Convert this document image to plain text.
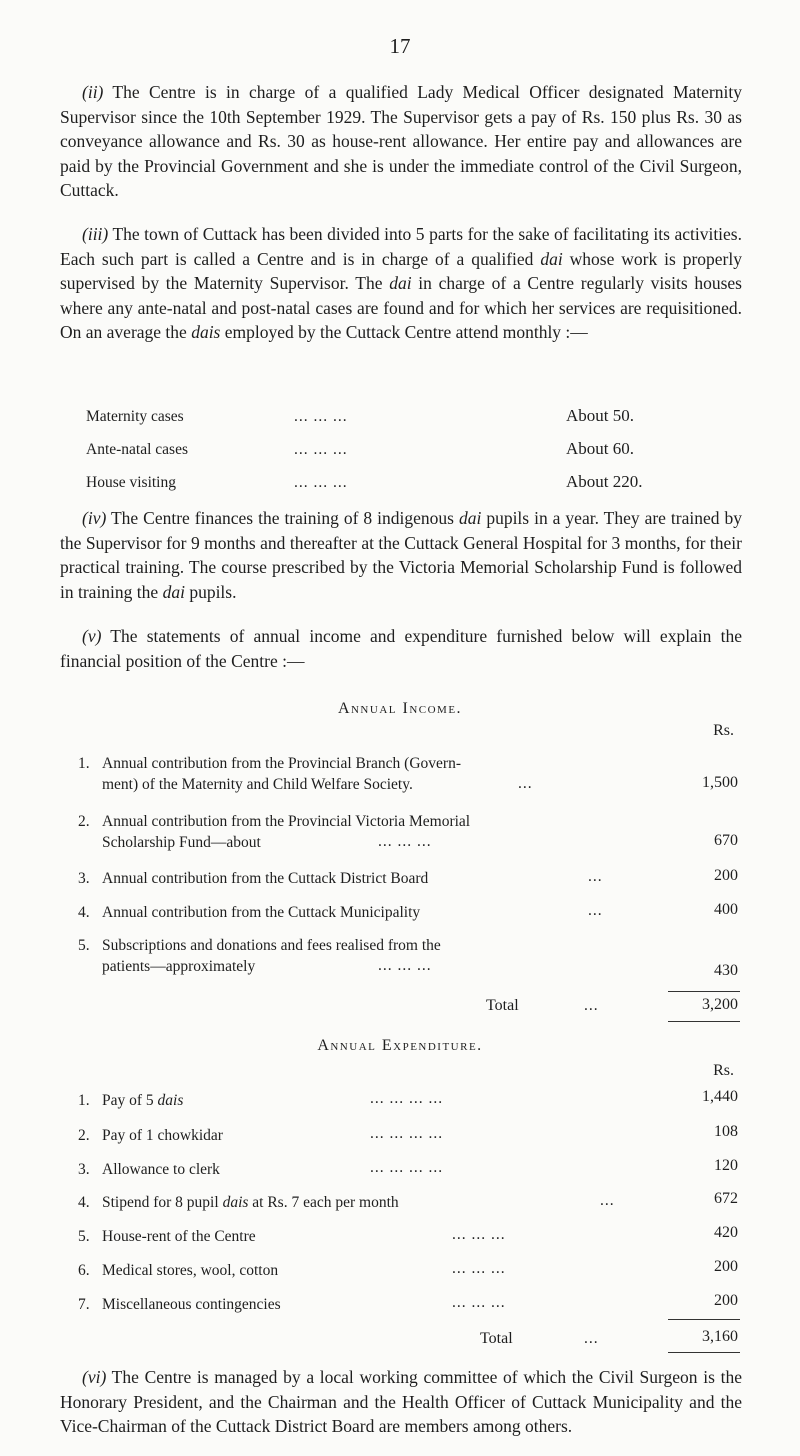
17

(ii) The Centre is in charge of a qualified Lady Medical Officer designated Maternity Supervisor since the 10th September 1929. The Supervisor gets a pay of Rs. 150 plus Rs. 30 as conveyance allowance and Rs. 30 as house-rent allowance. Her entire pay and allowances are paid by the Provincial Government and she is under the immediate control of the Civil Surgeon, Cuttack.

(iii) The town of Cuttack has been divided into 5 parts for the sake of facilitating its activities. Each such part is called a Centre and is in charge of a qualified dai whose work is properly supervised by the Maternity Supervisor. The dai in charge of a Centre regularly visits houses where any ante-natal and post-natal cases are found and for which her services are requisitioned. On an average the dais employed by the Cuttack Centre attend monthly :—

Maternity cases	... ... ...	About 50.
Ante-natal cases	... ... ...	About 60.
House visiting	... ... ...	About 220.

(iv) The Centre finances the training of 8 indigenous dai pupils in a year. They are trained by the Supervisor for 9 months and thereafter at the Cuttack General Hospital for 3 months, for their practical training. The course prescribed by the Victoria Memorial Scholarship Fund is followed in training the dai pupils.

(v) The statements of annual income and expenditure furnished below will explain the financial position of the Centre :—

Annual Income.
Rs.
1. Annual contribution from the Provincial Branch (Govern-
ment) of the Maternity and Child Welfare Society.	...	1,500
2. Annual contribution from the Provincial Victoria Memorial
Scholarship Fund—about	... ... ...	670
3. Annual contribution from the Cuttack District Board	...	200
4. Annual contribution from the Cuttack Municipality	...	400
5. Subscriptions and donations and fees realised from the
patients—approximately	... ... ...	430
Total	...	3,200
Annual Expenditure.
Rs.
1. Pay of 5 dais	... ... ... ...	1,440
2. Pay of 1 chowkidar	... ... ... ...	108
3. Allowance to clerk	... ... ... ...	120
4. Stipend for 8 pupil dais at Rs. 7 each per month	...	672
5. House-rent of the Centre	... ... ...	420
6. Medical stores, wool, cotton	... ... ...	200
7. Miscellaneous contingencies	... ... ...	200
Total	...	3,160

(vi) The Centre is managed by a local working committee of which the Civil Surgeon is the Honorary President, and the Chairman and the Health Officer of Cuttack Municipality and the Vice-Chairman of the Cuttack District Board are members among others.
